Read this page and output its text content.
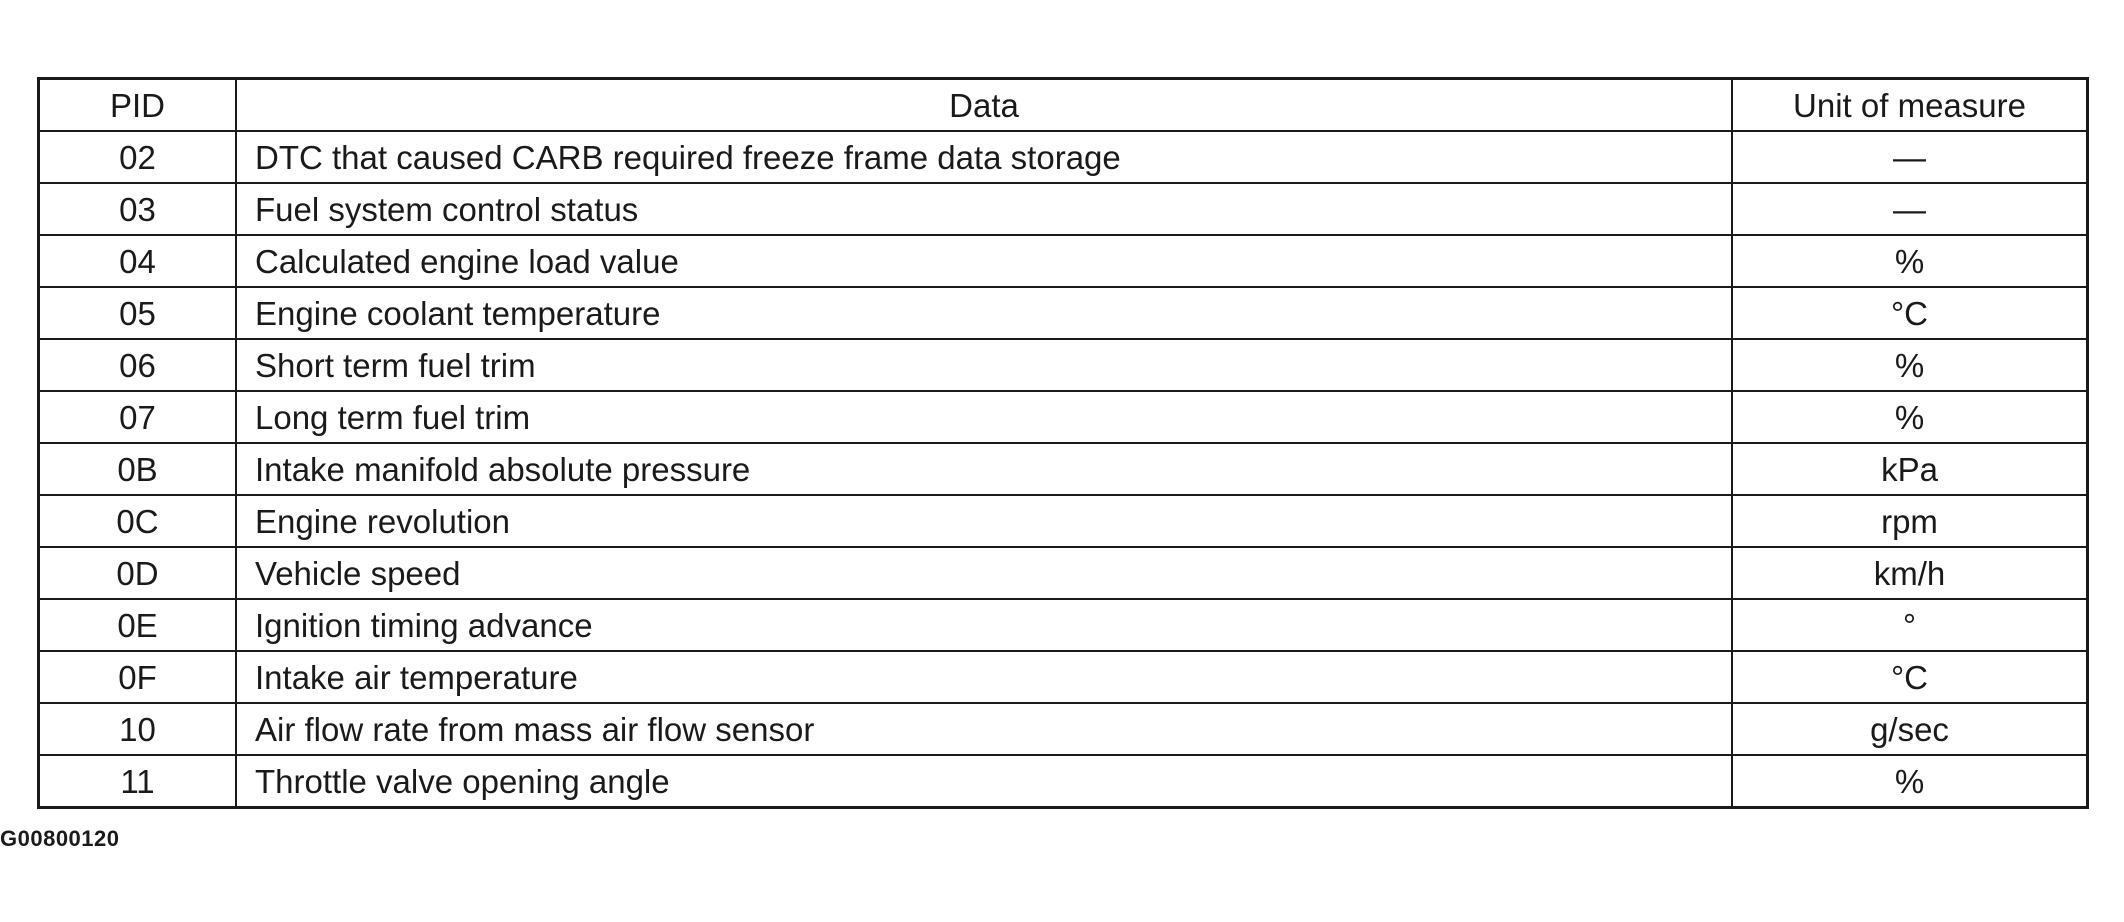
PID	Data	Unit of measure
02	DTC that caused CARB required freeze frame data storage	—
03	Fuel system control status	—
04	Calculated engine load value	%
05	Engine coolant temperature	°C
06	Short term fuel trim	%
07	Long term fuel trim	%
0B	Intake manifold absolute pressure	kPa
0C	Engine revolution	rpm
0D	Vehicle speed	km/h
0E	Ignition timing advance	°
0F	Intake air temperature	°C
10	Air flow rate from mass air flow sensor	g/sec
11	Throttle valve opening angle	%
G00800120
